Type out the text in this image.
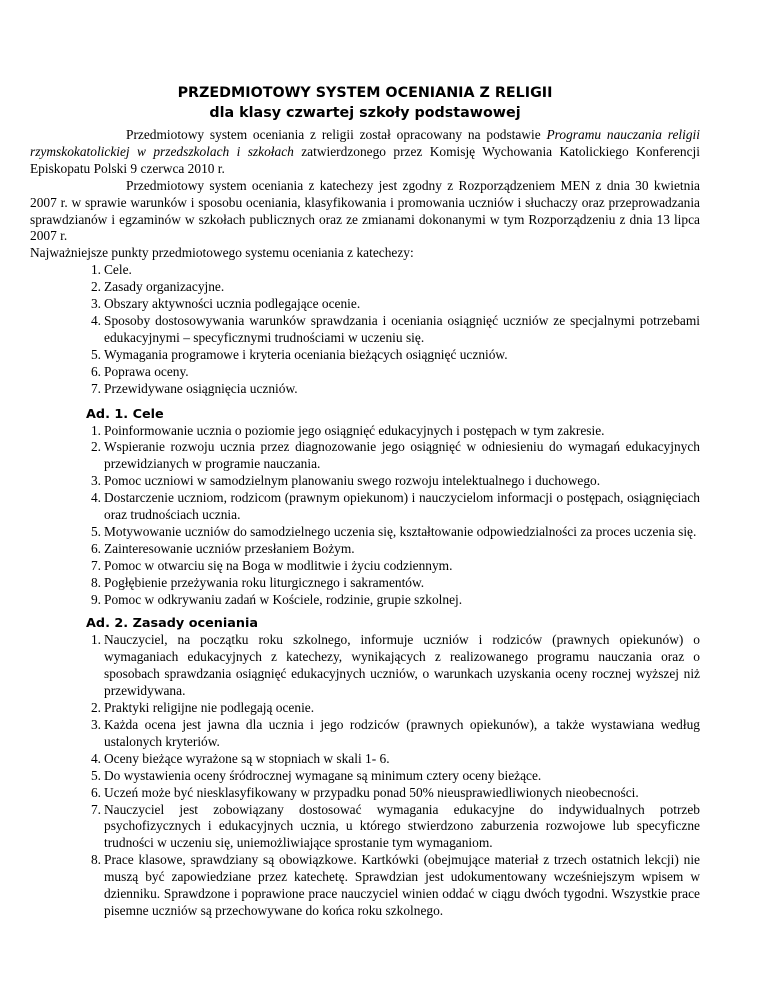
PRZEDMIOTOWY SYSTEM OCENIANIA Z RELIGII
dla klasy czwartej szkoły podstawowej

Przedmiotowy system oceniania z religii został opracowany na podstawie Programu nauczania religii rzymskokatolickiej w przedszkolach i szkołach zatwierdzonego przez Komisję Wychowania Katolickiego Konferencji Episkopatu Polski 9 czerwca 2010 r.

Przedmiotowy system oceniania z katechezy jest zgodny z Rozporządzeniem MEN z dnia 30 kwietnia 2007 r. w sprawie warunków i sposobu oceniania, klasyfikowania i promowania uczniów i słuchaczy oraz przeprowadzania sprawdzianów i egzaminów w szkołach publicznych oraz ze zmianami dokonanymi w tym Rozporządzeniu z dnia 13 lipca 2007 r.

Najważniejsze punkty przedmiotowego systemu oceniania z katechezy:

1. Cele.
2. Zasady organizacyjne.
3. Obszary aktywności ucznia podlegające ocenie.
4. Sposoby dostosowywania warunków sprawdzania i oceniania osiągnięć uczniów ze specjalnymi potrzebami edukacyjnymi – specyficznymi trudnościami w uczeniu się.
5. Wymagania programowe i kryteria oceniania bieżących osiągnięć uczniów.
6. Poprawa oceny.
7. Przewidywane osiągnięcia uczniów.
Ad. 1. Cele
1. Poinformowanie ucznia o poziomie jego osiągnięć edukacyjnych i postępach w tym zakresie.
2. Wspieranie rozwoju ucznia przez diagnozowanie jego osiągnięć w odniesieniu do wymagań edukacyjnych przewidzianych w programie nauczania.
3. Pomoc uczniowi w samodzielnym planowaniu swego rozwoju intelektualnego i duchowego.
4. Dostarczenie uczniom, rodzicom (prawnym opiekunom) i nauczycielom informacji o postępach, osiągnięciach oraz trudnościach ucznia.
5. Motywowanie uczniów do samodzielnego uczenia się, kształtowanie odpowiedzialności za proces uczenia się.
6. Zainteresowanie uczniów przesłaniem Bożym.
7. Pomoc w otwarciu się na Boga w modlitwie i życiu codziennym.
8. Pogłębienie przeżywania roku liturgicznego i sakramentów.
9. Pomoc w odkrywaniu zadań w Kościele, rodzinie, grupie szkolnej.
Ad. 2. Zasady oceniania
1. Nauczyciel, na początku roku szkolnego, informuje uczniów i rodziców (prawnych opiekunów) o wymaganiach edukacyjnych z katechezy, wynikających z realizowanego programu nauczania oraz o sposobach sprawdzania osiągnięć edukacyjnych uczniów, o warunkach uzyskania oceny rocznej wyższej niż przewidywana.
2. Praktyki religijne nie podlegają ocenie.
3. Każda ocena jest jawna dla ucznia i jego rodziców (prawnych opiekunów), a także wystawiana według ustalonych kryteriów.
4. Oceny bieżące wyrażone są w stopniach w skali 1- 6.
5. Do wystawienia oceny śródrocznej wymagane są minimum cztery oceny bieżące.
6. Uczeń może być niesklasyfikowany w przypadku ponad 50% nieusprawiedliwionych nieobecności.
7. Nauczyciel jest zobowiązany dostosować wymagania edukacyjne do indywidualnych potrzeb psychofizycznych i edukacyjnych ucznia, u którego stwierdzono zaburzenia rozwojowe lub specyficzne trudności w uczeniu się, uniemożliwiające sprostanie tym wymaganiom.
8. Prace klasowe, sprawdziany są obowiązkowe. Kartkówki (obejmujące materiał z trzech ostatnich lekcji) nie muszą być zapowiedziane przez katechetę. Sprawdzian jest udokumentowany wcześniejszym wpisem w dzienniku. Sprawdzone i poprawione prace nauczyciel winien oddać w ciągu dwóch tygodni. Wszystkie prace pisemne uczniów są przechowywane do końca roku szkolnego.
